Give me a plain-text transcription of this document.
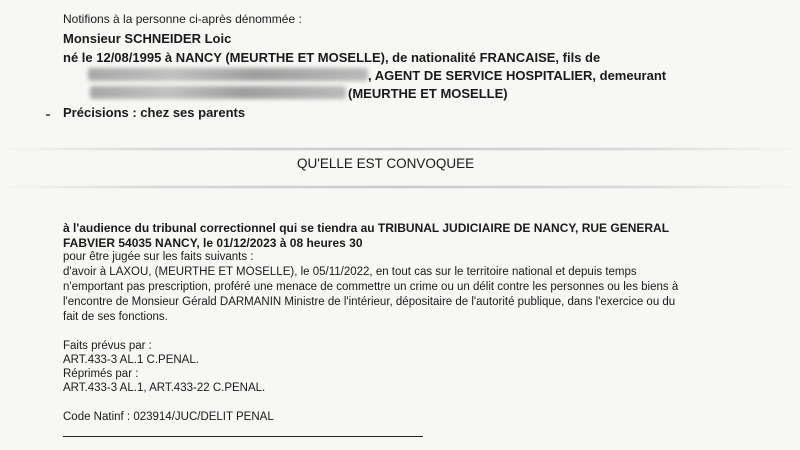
Notifions à la personne ci-après dénommée :
Monsieur SCHNEIDER Loic
né le 12/08/1995 à NANCY (MEURTHE ET MOSELLE), de nationalité FRANCAISE, fils de
, AGENT DE SERVICE HOSPITALIER, demeurant
(MEURTHE ET MOSELLE)
Précisions : chez ses parents
QU'ELLE EST CONVOQUEE
à l'audience du tribunal correctionnel qui se tiendra au TRIBUNAL JUDICIAIRE DE NANCY, RUE GENERAL
FABVIER 54035 NANCY, le 01/12/2023 à 08 heures 30
pour être jugée sur les faits suivants :
d'avoir à LAXOU, (MEURTHE ET MOSELLE), le 05/11/2022, en tout cas sur le territoire national et depuis temps
n'emportant pas prescription, proféré une menace de commettre un crime ou un délit contre les personnes ou les biens à
l'encontre de Monsieur Gérald DARMANIN Ministre de l'intérieur, dépositaire de l'autorité publique, dans l'exercice ou du
fait de ses fonctions.
Faits prévus par :
ART.433-3 AL.1 C.PENAL.
Réprimés par :
ART.433-3 AL.1, ART.433-22 C.PENAL.
Code Natinf : 023914/JUC/DELIT PENAL
